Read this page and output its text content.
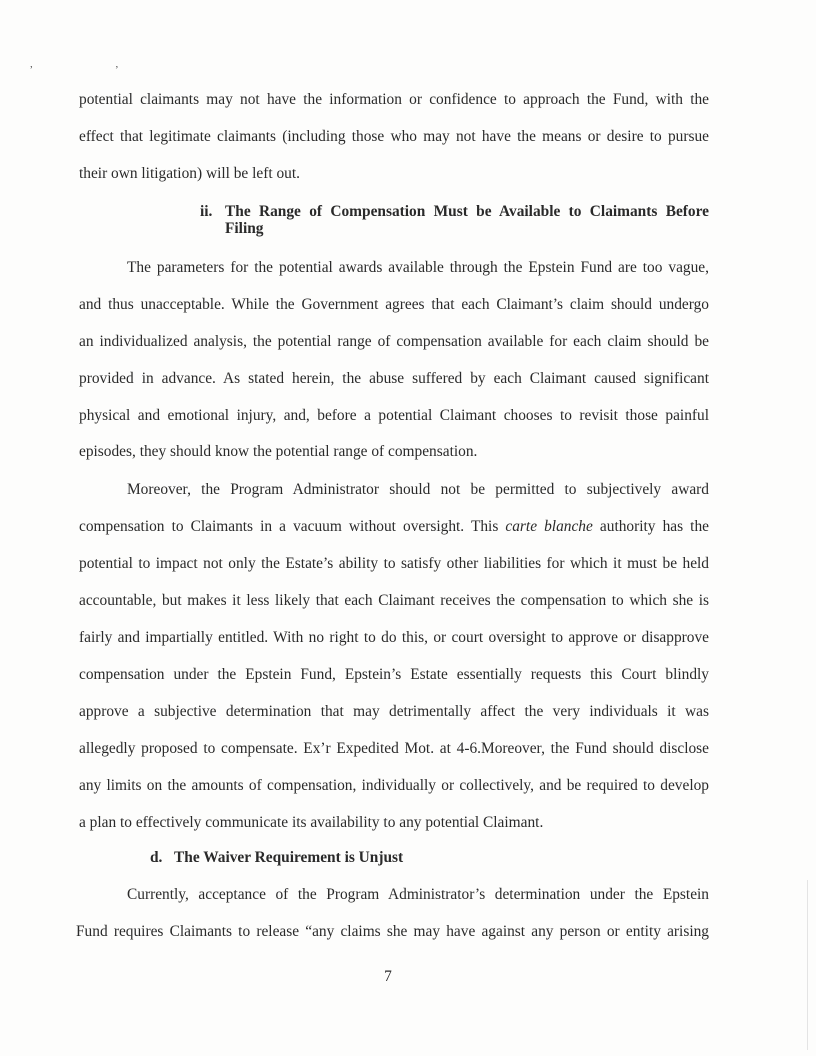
, ,
potential claimants may not have the information or confidence to approach the Fund, with the
effect that legitimate claimants (including those who may not have the means or desire to pursue
their own litigation) will be left out.
ii. The Range of Compensation Must be Available to Claimants Before
Filing
The parameters for the potential awards available through the Epstein Fund are too vague,
and thus unacceptable. While the Government agrees that each Claimant’s claim should undergo
an individualized analysis, the potential range of compensation available for each claim should be
provided in advance. As stated herein, the abuse suffered by each Claimant caused significant
physical and emotional injury, and, before a potential Claimant chooses to revisit those painful
episodes, they should know the potential range of compensation.
Moreover, the Program Administrator should not be permitted to subjectively award
compensation to Claimants in a vacuum without oversight. This carte blanche authority has the
potential to impact not only the Estate’s ability to satisfy other liabilities for which it must be held
accountable, but makes it less likely that each Claimant receives the compensation to which she is
fairly and impartially entitled. With no right to do this, or court oversight to approve or disapprove
compensation under the Epstein Fund, Epstein’s Estate essentially requests this Court blindly
approve a subjective determination that may detrimentally affect the very individuals it was
allegedly proposed to compensate. Ex’r Expedited Mot. at 4-6.Moreover, the Fund should disclose
any limits on the amounts of compensation, individually or collectively, and be required to develop
a plan to effectively communicate its availability to any potential Claimant.
d. The Waiver Requirement is Unjust
Currently, acceptance of the Program Administrator’s determination under the Epstein
Fund requires Claimants to release “any claims she may have against any person or entity arising
7
